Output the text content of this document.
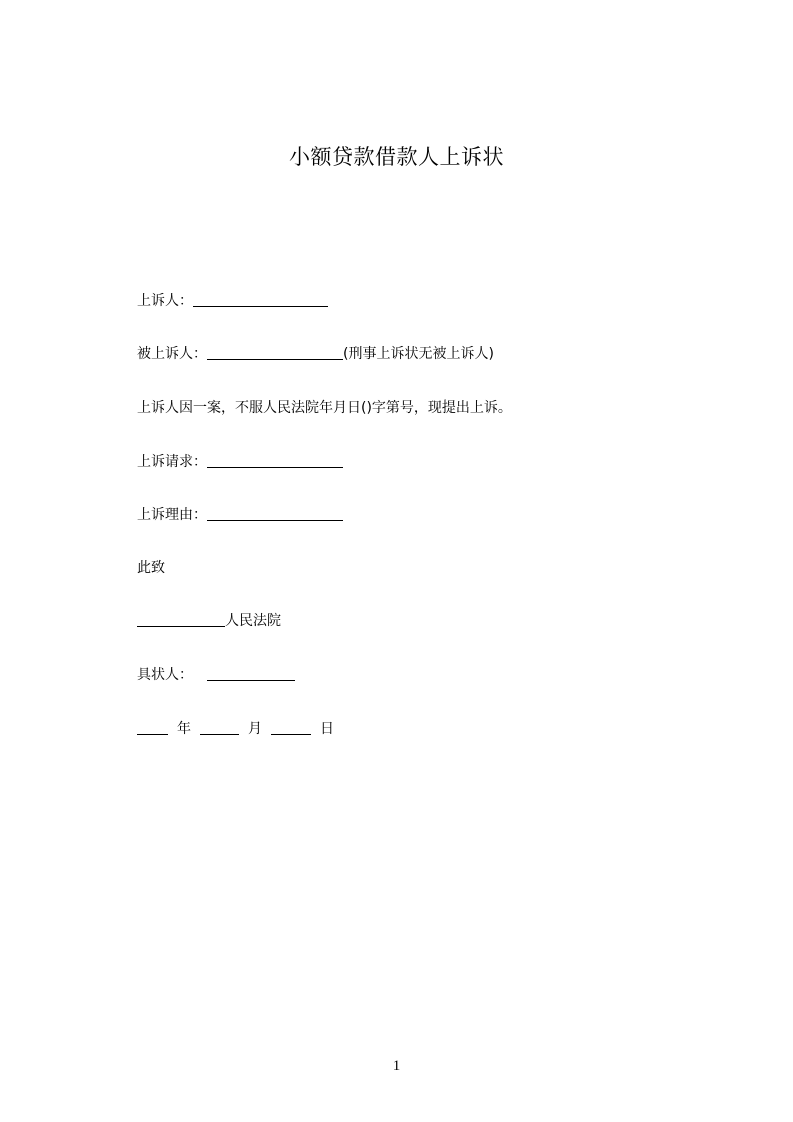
小额贷款借款人上诉状
上诉人：
被上诉人：	(刑事上诉状无被上诉人)
上诉人因一案，不服人民法院年月日()字第号，现提出上诉。
上诉请求：
上诉理由：
此致
人民法院
具状人：
年	月	日
1
